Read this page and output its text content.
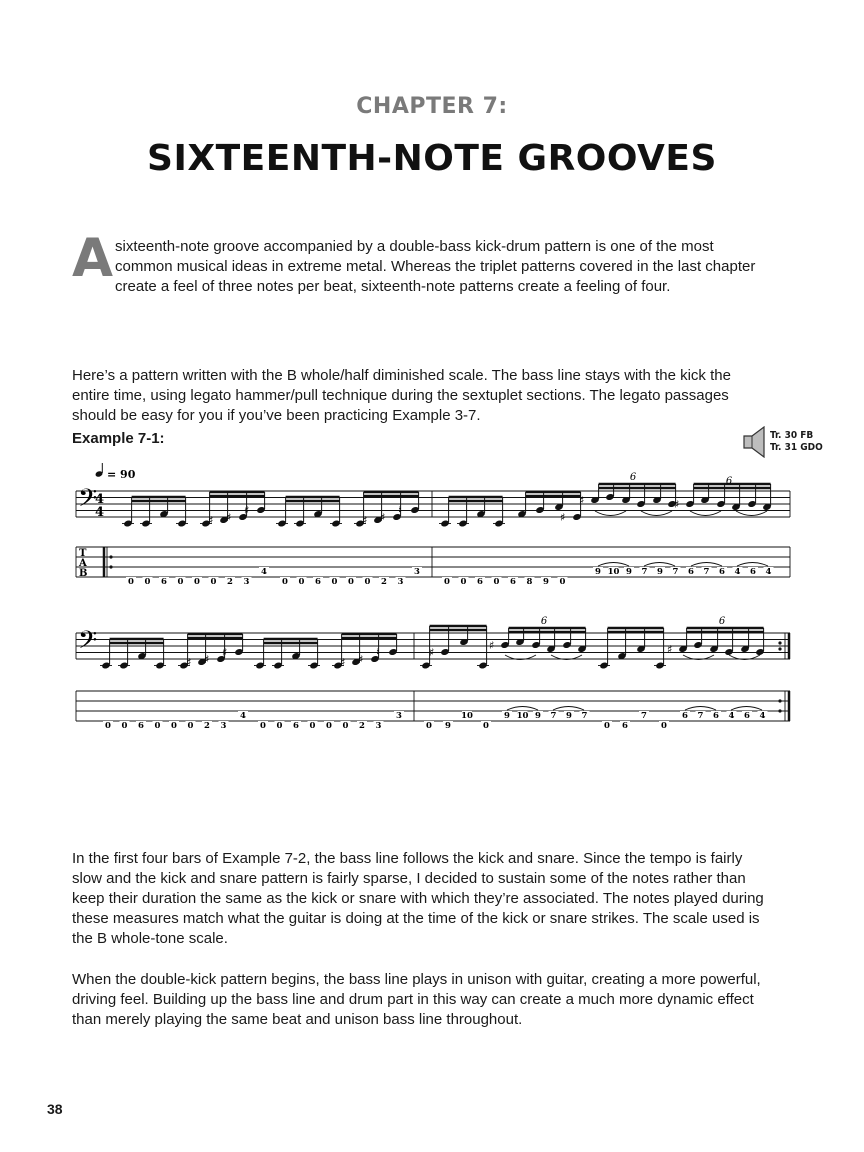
CHAPTER 7:
SIXTEENTH-NOTE GROOVES
Asixteenth-note groove accompanied by a double-bass kick-drum pattern is one of the most common musical ideas in extreme metal. Whereas the triplet patterns covered in the last chapter create a feel of three notes per beat, sixteenth-note patterns create a feeling of four.
Here’s a pattern written with the B whole/half diminished scale. The bass line stays with the kick the entire time, using legato hammer/pull technique during the sextuplet sections. The legato passages should be easy for you if you’ve been practicing Example 3-7.
Example 7-1:	Tr. 30 FB
Tr. 31 GDO
= 90
𝄢
4
4
T
A
B
♯ ♯
♯
♯ ♯
♮
♯
♯	♯
6	6
0 0 6 0 0 0 2 3
4
0 0 6 0 0 0 2 3
3
0 0 6 0 6 8 9 0
9 10 9 7 9 7 6 7 6 4 6 4
𝄢
♯ ♯
♯
♯ ♯
♮	♯
♯	♯
6	6
0 0 6 0 0 0 2 3
4
0 0 6 0 0 0 2 3
3
0 9	0
10	9 10 9 7 9 7
0 6	0
7	6 7 6 4 6 4
In the first four bars of Example 7-2, the bass line follows the kick and snare. Since the tempo is fairly slow and the kick and snare pattern is fairly sparse, I decided to sustain some of the notes rather than keep their duration the same as the kick or snare with which they’re associated. The notes played during these measures match what the guitar is doing at the time of the kick or snare strikes. The scale used is the B whole-tone scale.
When the double-kick pattern begins, the bass line plays in unison with guitar, creating a more powerful, driving feel. Building up the bass line and drum part in this way can create a much more dynamic effect than merely playing the same beat and unison bass line throughout.
38
